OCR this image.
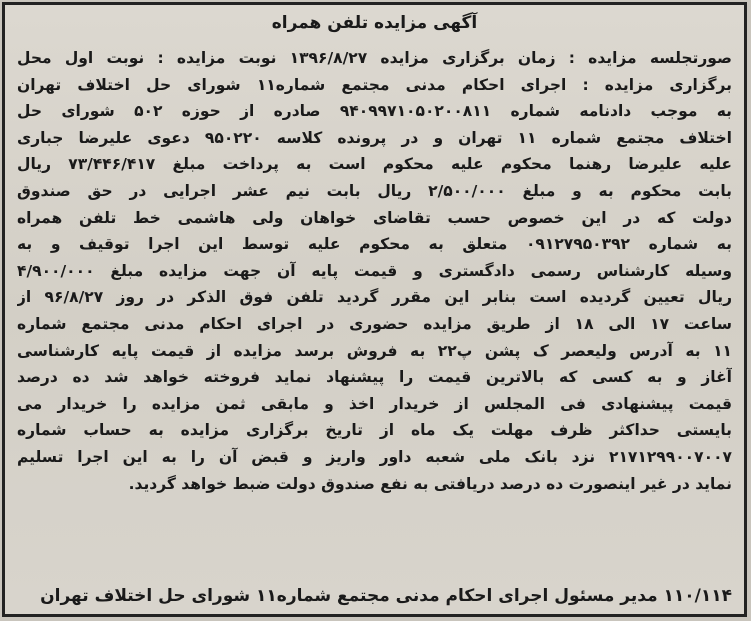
آگهی مزایده تلفن همراه
صورتجلسه مزایده : زمان برگزاری مزایده ۱۳۹۶/۸/۲۷ نوبت مزایده : نوبت اول محل
برگزاری مزایده : اجرای احکام مدنی مجتمع شماره۱۱ شورای حل اختلاف تهران
به موجب دادنامه شماره ۹۴۰۹۹۷۱۰۵۰۲۰۰۸۱۱ صادره از حوزه ۵۰۲ شورای حل
اختلاف مجتمع شماره ۱۱ تهران و در پرونده کلاسه ۹۵۰۲۲۰ دعوی علیرضا جباری
علیه علیرضا رهنما محکوم علیه محکوم است به پرداخت مبلغ ۷۳/۴۴۶/۴۱۷ ریال
بابت محکوم به و مبلغ ۲/۵۰۰/۰۰۰ ریال بابت نیم عشر اجرایی در حق صندوق
دولت که در این خصوص حسب تقاضای خواهان ولی هاشمی خط تلفن همراه
به شماره ۰۹۱۲۷۹۵۰۳۹۲ متعلق به محکوم علیه توسط این اجرا توقیف و به
وسیله کارشناس رسمی دادگستری و قیمت پایه آن جهت مزایده مبلغ ۴/۹۰۰/۰۰۰
ریال تعیین گردیده است بنابر این مقرر گردید تلفن فوق الذکر در روز ۹۶/۸/۲۷ از
ساعت ۱۷ الی ۱۸ از طریق مزایده حضوری در اجرای احکام مدنی مجتمع شماره
۱۱ به آدرس ولیعصر ک پشن پ۲۲ به فروش برسد مزایده از قیمت پایه کارشناسی
آغاز و به کسی که بالاترین قیمت را پیشنهاد نماید فروخته خواهد شد ده درصد
قیمت پیشنهادی فی المجلس از خریدار اخذ و مابقی ثمن مزایده را خریدار می
بایستی حداکثر ظرف مهلت یک ماه از تاریخ برگزاری مزایده به حساب شماره
۲۱۷۱۲۹۹۰۰۷۰۰۷ نزد بانک ملی شعبه داور واریز و قبض آن را به این اجرا تسلیم
نماید در غیر اینصورت ده درصد دریافتی به نفع صندوق دولت ضبط خواهد گردید.
۱۱۰/۱۱۴ مدیر مسئول اجرای احکام مدنی مجتمع شماره۱۱ شورای حل اختلاف تهران
